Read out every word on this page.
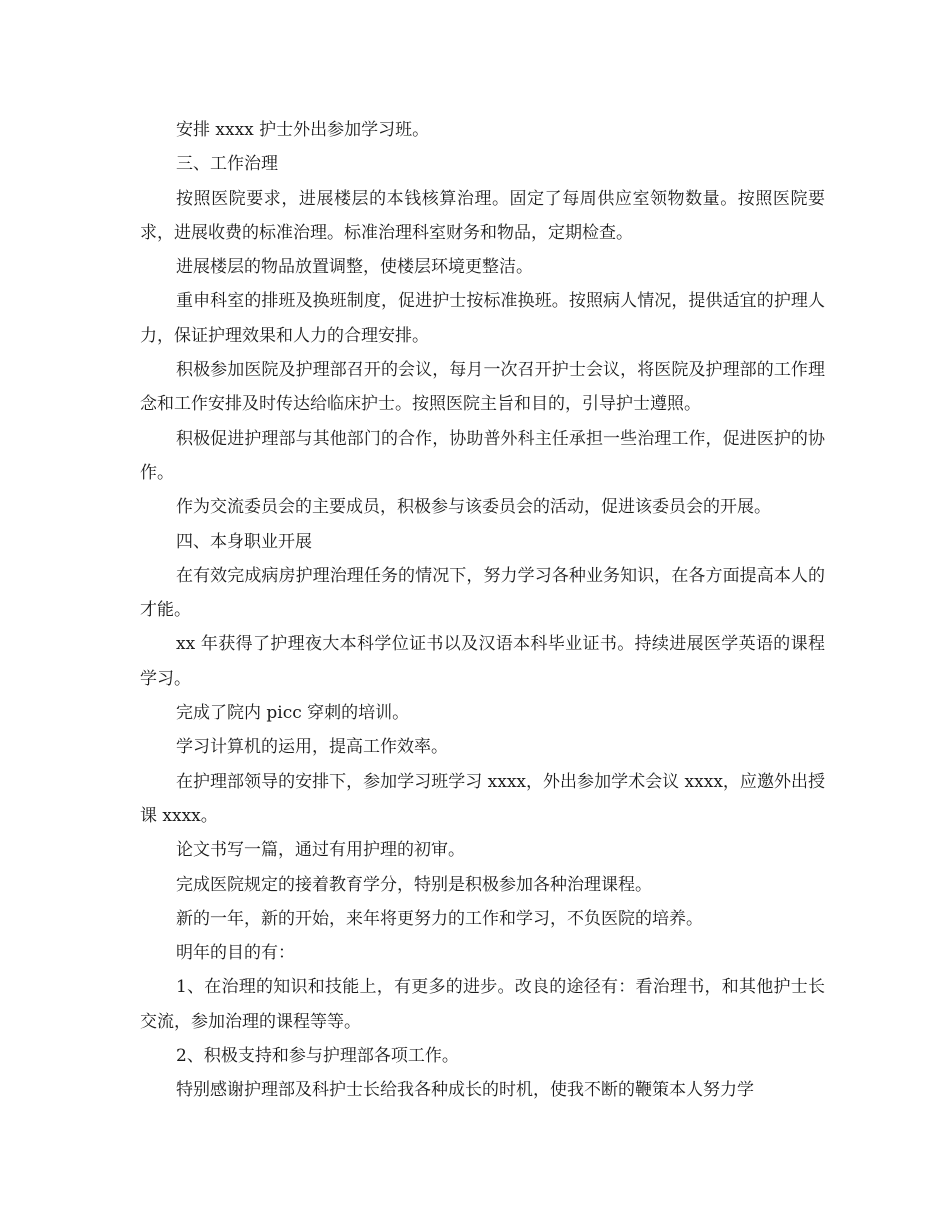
安排 xxxx 护士外出参加学习班。

三、工作治理

按照医院要求，进展楼层的本钱核算治理。固定了每周供应室领物数量。按照医院要求，进展收费的标准治理。标准治理科室财务和物品，定期检查。

进展楼层的物品放置调整，使楼层环境更整洁。

重申科室的排班及换班制度，促进护士按标准换班。按照病人情况，提供适宜的护理人力，保证护理效果和人力的合理安排。

积极参加医院及护理部召开的会议，每月一次召开护士会议，将医院及护理部的工作理念和工作安排及时传达给临床护士。按照医院主旨和目的，引导护士遵照。

积极促进护理部与其他部门的合作，协助普外科主任承担一些治理工作，促进医护的协作。

作为交流委员会的主要成员，积极参与该委员会的活动，促进该委员会的开展。

四、本身职业开展

在有效完成病房护理治理任务的情况下，努力学习各种业务知识，在各方面提高本人的才能。

xx 年获得了护理夜大本科学位证书以及汉语本科毕业证书。持续进展医学英语的课程学习。

完成了院内 picc 穿刺的培训。

学习计算机的运用，提高工作效率。

在护理部领导的安排下，参加学习班学习 xxxx，外出参加学术会议 xxxx，应邀外出授课 xxxx。

论文书写一篇，通过有用护理的初审。

完成医院规定的接着教育学分，特别是积极参加各种治理课程。

新的一年，新的开始，来年将更努力的工作和学习，不负医院的培养。

明年的目的有：

1、在治理的知识和技能上，有更多的进步。改良的途径有：看治理书，和其他护士长交流，参加治理的课程等等。

2、积极支持和参与护理部各项工作。

特别感谢护理部及科护士长给我各种成长的时机，使我不断的鞭策本人努力学
